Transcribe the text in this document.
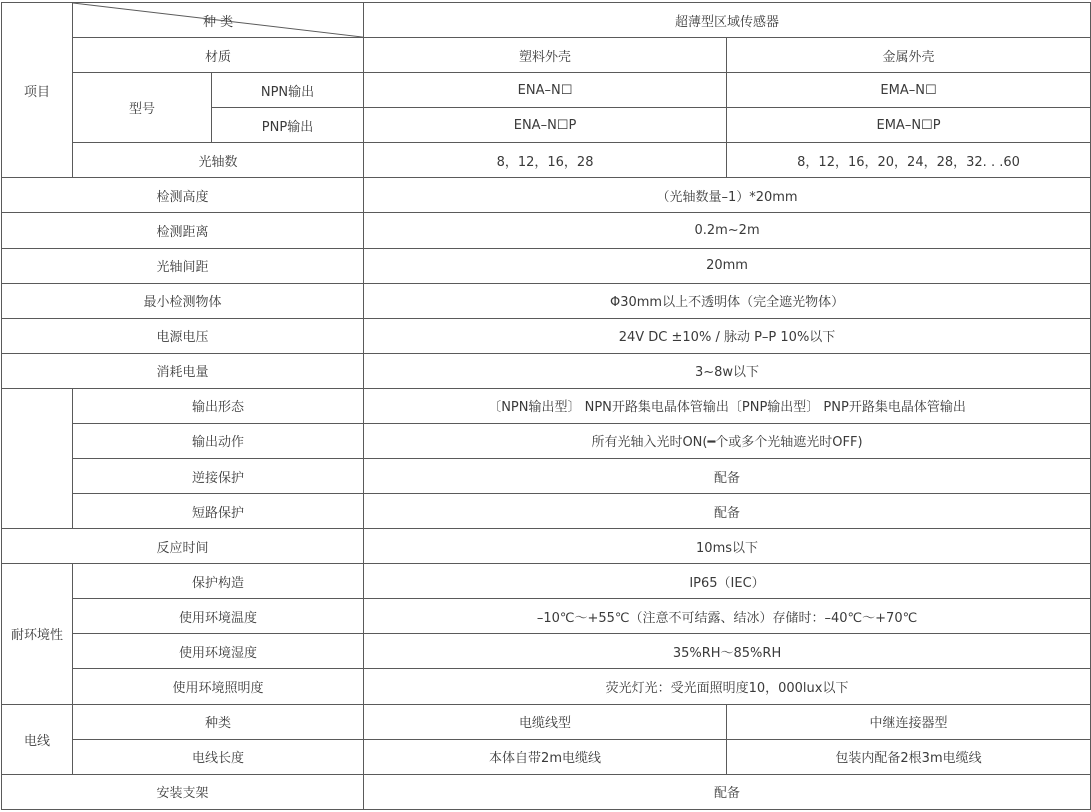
项目	种 类		超薄型区域传感器	
	材质		塑料外壳	金属外壳
	型号	NPN输出	ENA–N☐	EMA–N☐
		PNP输出	ENA–N☐P	EMA–N☐P
	光轴数		8，12，16，28	8，12，16，20，24，28，32. . .60
检测高度			（光轴数量–1）*20mm	
检测距离			0.2m~2m	
光轴间距			20mm	
最小检测物体			Φ30mm以上不透明体（完全遮光物体）	
电源电压			24V DC ±10% / 脉动 P–P 10%以下	
消耗电量			3~8w以下	
	输出形态		〔NPN输出型〕 NPN开路集电晶体管输出〔PNP输出型〕 PNP开路集电晶体管输出	
	输出动作		所有光轴入光时ON(━个或多个光轴遮光时OFF)	
	逆接保护		配备	
	短路保护		配备	
反应时间			10ms以下	
耐环境性	保护构造		IP65（IEC）	
	使用环境温度		–10℃～+55℃（注意不可结露、结冰）存储时：–40℃～+70℃	
	使用环境湿度		35%RH～85%RH	
	使用环境照明度		荧光灯光：受光面照明度10，000lux以下	
电线	种类		电缆线型	中继连接器型
	电线长度		本体自带2m电缆线	包装内配备2根3m电缆线
安装支架			配备	
